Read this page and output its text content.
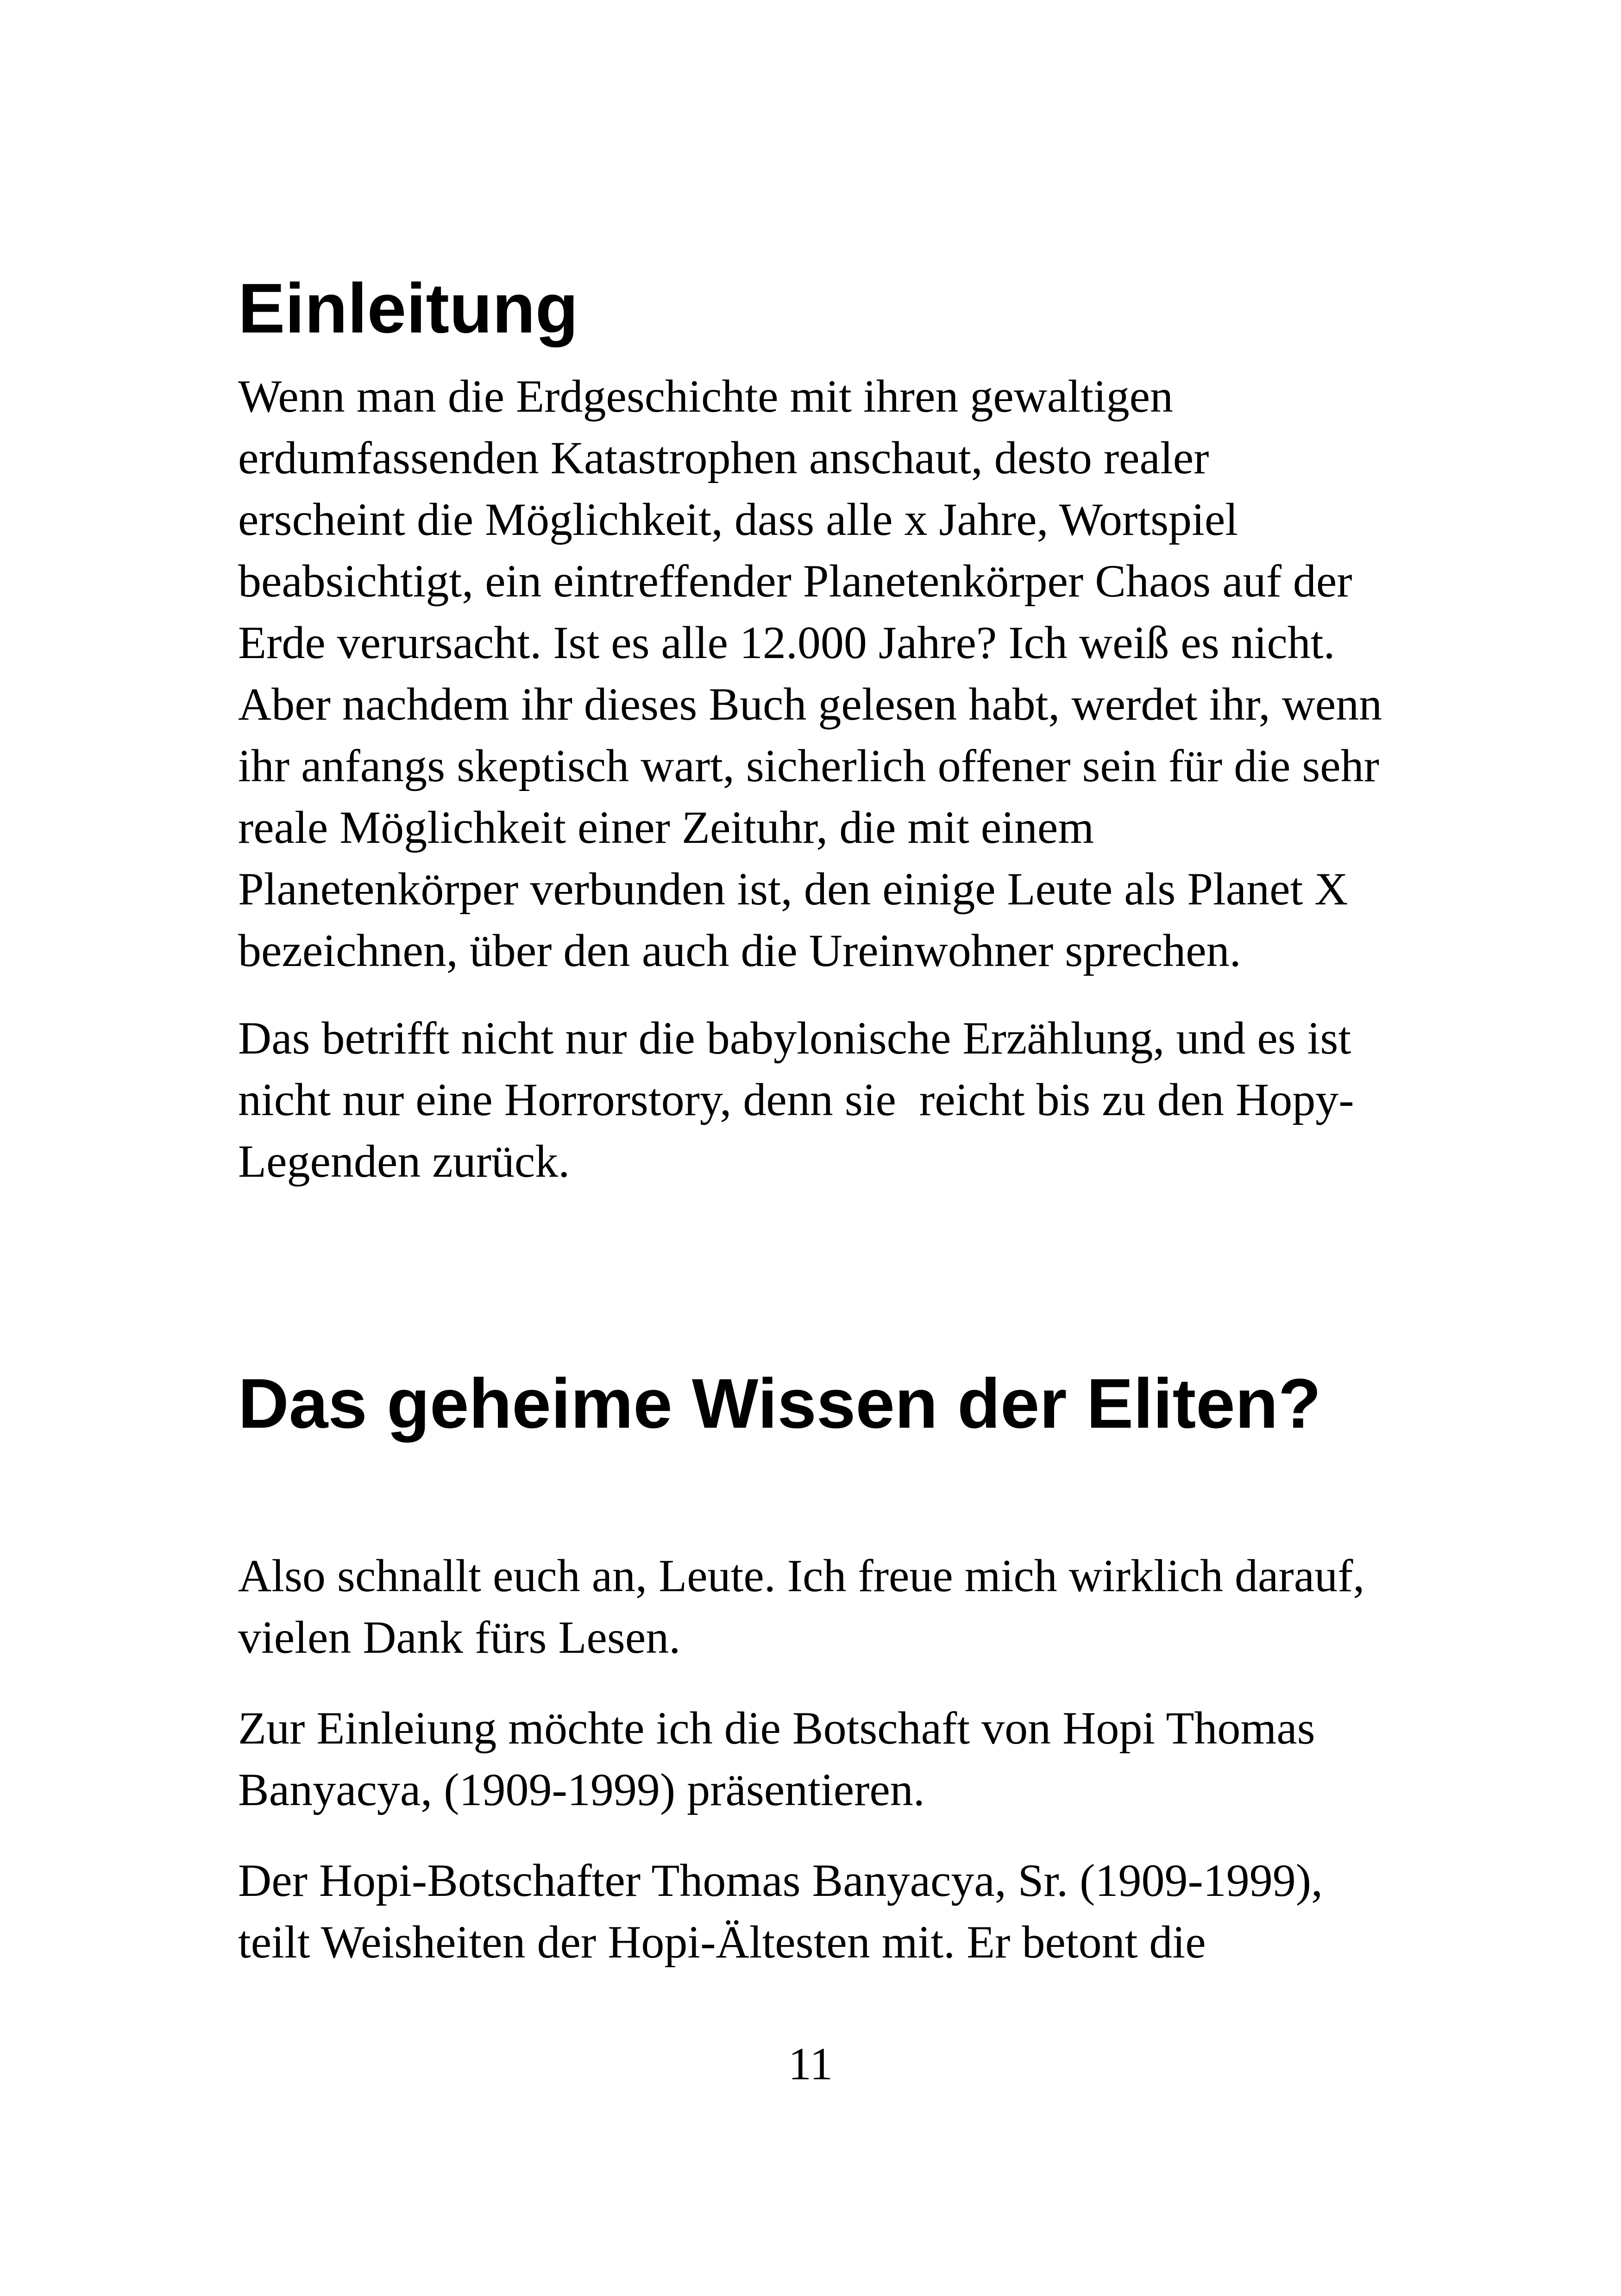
Einleitung

Wenn man die Erdgeschichte mit ihren gewaltigen
erdumfassenden Katastrophen anschaut, desto realer
erscheint die Möglichkeit, dass alle x Jahre, Wortspiel
beabsichtigt, ein eintreffender Planetenkörper Chaos auf der
Erde verursacht. Ist es alle 12.000 Jahre? Ich weiß es nicht.
Aber nachdem ihr dieses Buch gelesen habt, werdet ihr, wenn
ihr anfangs skeptisch wart, sicherlich offener sein für die sehr
reale Möglichkeit einer Zeituhr, die mit einem
Planetenkörper verbunden ist, den einige Leute als Planet X
bezeichnen, über den auch die Ureinwohner sprechen.

Das betrifft nicht nur die babylonische Erzählung, und es ist
nicht nur eine Horrorstory, denn sie  reicht bis zu den Hopy-
Legenden zurück.

Das geheime Wissen der Eliten?

Also schnallt euch an, Leute. Ich freue mich wirklich darauf,
vielen Dank fürs Lesen.

Zur Einleiung möchte ich die Botschaft von Hopi Thomas
Banyacya, (1909-1999) präsentieren.

Der Hopi-Botschafter Thomas Banyacya, Sr. (1909-1999),
teilt Weisheiten der Hopi-Ältesten mit. Er betont die

11
